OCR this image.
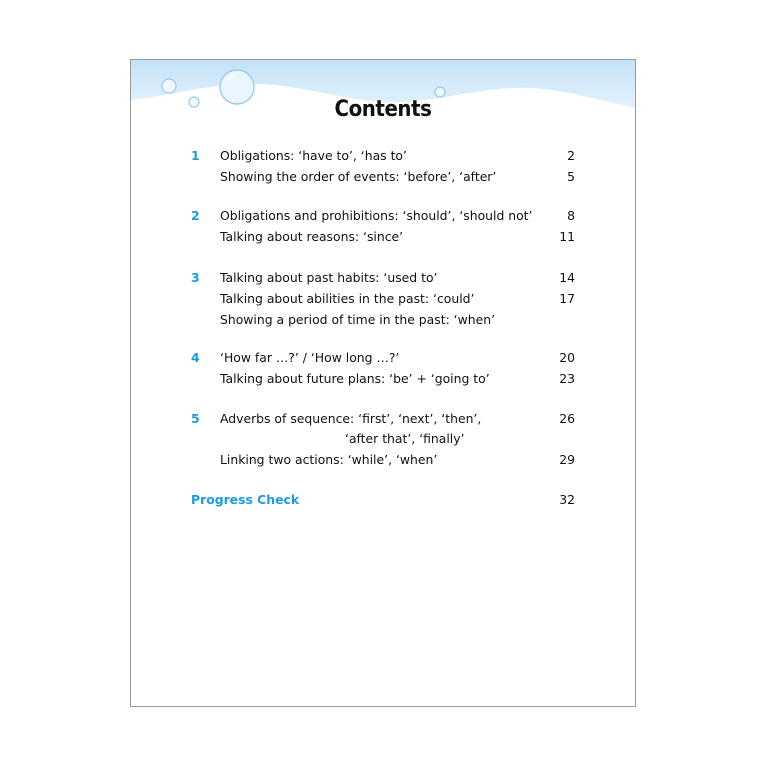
Contents
1 Obligations: ‘have to’, ‘has to’	2
Showing the order of events: ‘before’, ‘after’	5
2 Obligations and prohibitions: ‘should’, ‘should not’	8
Talking about reasons: ‘since’	11
3 Talking about past habits: ‘used to’	14
Talking about abilities in the past: ‘could’	17
Showing a period of time in the past: ‘when’
4 ‘How far …?’ / ‘How long …?’	20
Talking about future plans: ‘be’ + ‘going to’	23
5 Adverbs of sequence: ‘first’, ‘next’, ‘then’,	26
‘after that’, ‘finally’
Linking two actions: ‘while’, ‘when’	29
Progress Check	32
